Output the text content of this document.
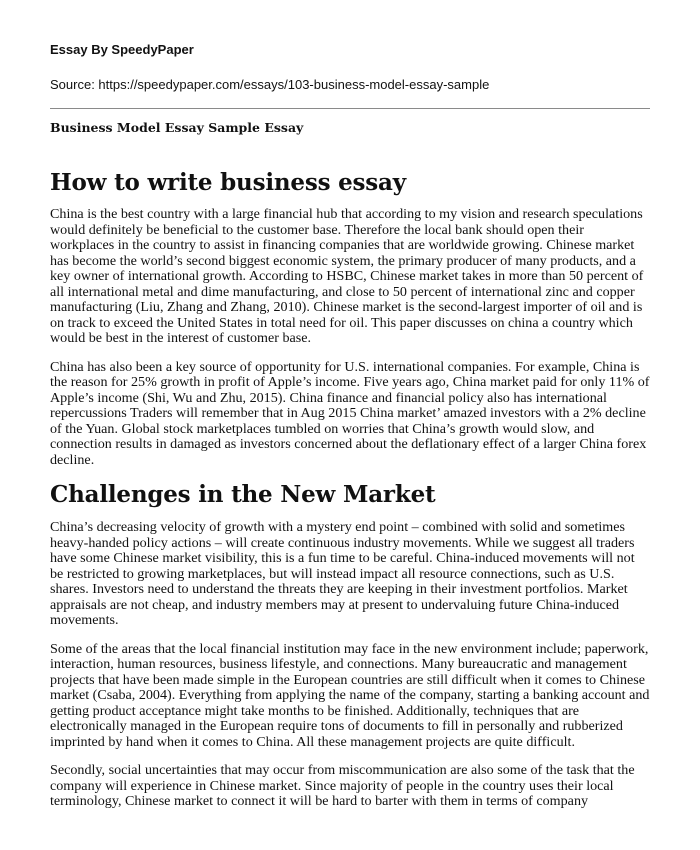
Essay By SpeedyPaper
Source: https://speedypaper.com/essays/103-business-model-essay-sample
Business Model Essay Sample Essay
How to write business essay

China is the best country with a large financial hub that according to my vision and research speculations would definitely be beneficial to the customer base. Therefore the local bank should open their workplaces in the country to assist in financing companies that are worldwide growing. Chinese market has become the world’s second biggest economic system, the primary producer of many products, and a key owner of international growth. According to HSBC, Chinese market takes in more than 50 percent of all international metal and dime manufacturing, and close to 50 percent of international zinc and copper manufacturing (Liu, Zhang and Zhang, 2010). Chinese market is the second-largest importer of oil and is on track to exceed the United States in total need for oil. This paper discusses on china a country which would be best in the interest of customer base.

China has also been a key source of opportunity for U.S. international companies. For example, China is the reason for 25% growth in profit of Apple’s income. Five years ago, China market paid for only 11% of Apple’s income (Shi, Wu and Zhu, 2015). China finance and financial policy also has international repercussions Traders will remember that in Aug 2015 China market’ amazed investors with a 2% decline of the Yuan. Global stock marketplaces tumbled on worries that China’s growth would slow, and connection results in damaged as investors concerned about the deflationary effect of a larger China forex decline.

Challenges in the New Market

China’s decreasing velocity of growth with a mystery end point – combined with solid and sometimes heavy-handed policy actions – will create continuous industry movements. While we suggest all traders have some Chinese market visibility, this is a fun time to be careful. China-induced movements will not be restricted to growing marketplaces, but will instead impact all resource connections, such as U.S. shares. Investors need to understand the threats they are keeping in their investment portfolios. Market appraisals are not cheap, and industry members may at present to undervaluing future China-induced movements.

Some of the areas that the local financial institution may face in the new environment include; paperwork, interaction, human resources, business lifestyle, and connections. Many bureaucratic and management projects that have been made simple in the European countries are still difficult when it comes to Chinese market (Csaba, 2004). Everything from applying the name of the company, starting a banking account and getting product acceptance might take months to be finished. Additionally, techniques that are electronically managed in the European require tons of documents to fill in personally and rubberized imprinted by hand when it comes to China. All these management projects are quite difficult.

Secondly, social uncertainties that may occur from miscommunication are also some of the task that the company will experience in Chinese market. Since majority of people in the country uses their local terminology, Chinese market to connect it will be hard to barter with them in terms of company
